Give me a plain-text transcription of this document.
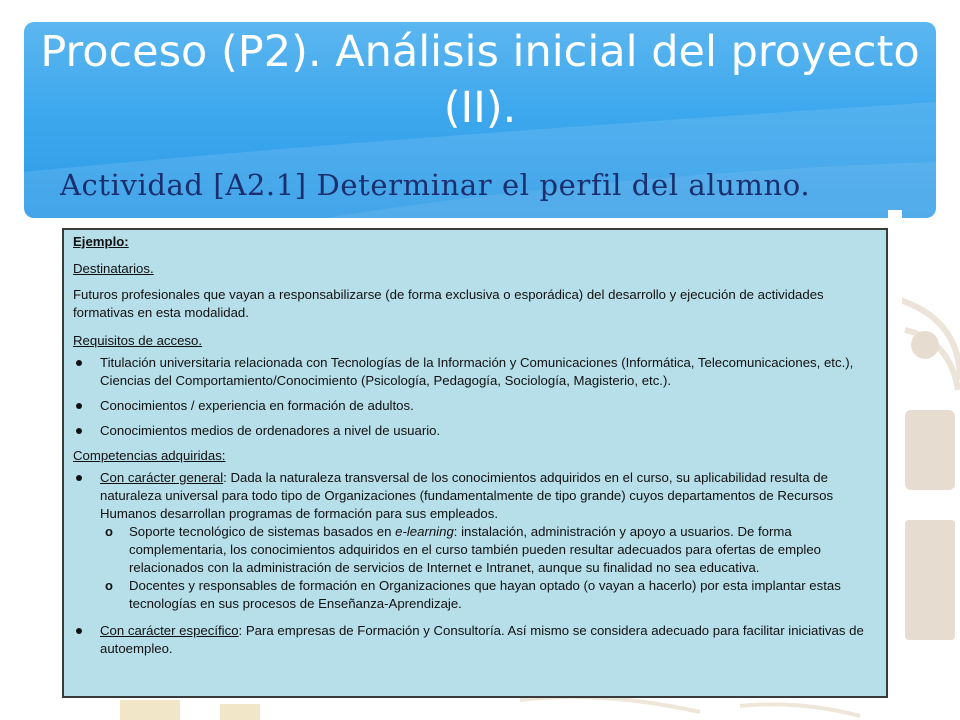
Proceso (P2). Análisis inicial del proyecto (II).
Actividad [A2.1] Determinar el perfil del alumno.

Ejemplo:

Destinatarios.

Futuros profesionales que vayan a responsabilizarse (de forma exclusiva o esporádica) del desarrollo y ejecución de actividades formativas en esta modalidad.

Requisitos de acceso.

Titulación universitaria relacionada con Tecnologías de la Información y Comunicaciones (Informática, Telecomunicaciones, etc.), Ciencias del Comportamiento/Conocimiento (Psicología, Pedagogía, Sociología, Magisterio, etc.).
Conocimientos / experiencia en formación de adultos.
Conocimientos medios de ordenadores a nivel de usuario.

Competencias adquiridas:

Con carácter general: Dada la naturaleza transversal de los conocimientos adquiridos en el curso, su aplicabilidad resulta de naturaleza universal para todo tipo de Organizaciones (fundamentalmente de tipo grande) cuyos departamentos de Recursos Humanos desarrollan programas de formación para sus empleados.
o Soporte tecnológico de sistemas basados en e-learning: instalación, administración y apoyo a usuarios. De forma complementaria, los conocimientos adquiridos en el curso también pueden resultar adecuados para ofertas de empleo relacionados con la administración de servicios de Internet e Intranet, aunque su finalidad no sea educativa.
o Docentes y responsables de formación en Organizaciones que hayan optado (o vayan a hacerlo) por esta implantar estas tecnologías en sus procesos de Enseñanza-Aprendizaje.
Con carácter específico: Para empresas de Formación y Consultoría. Así mismo se considera adecuado para facilitar iniciativas de autoempleo.
